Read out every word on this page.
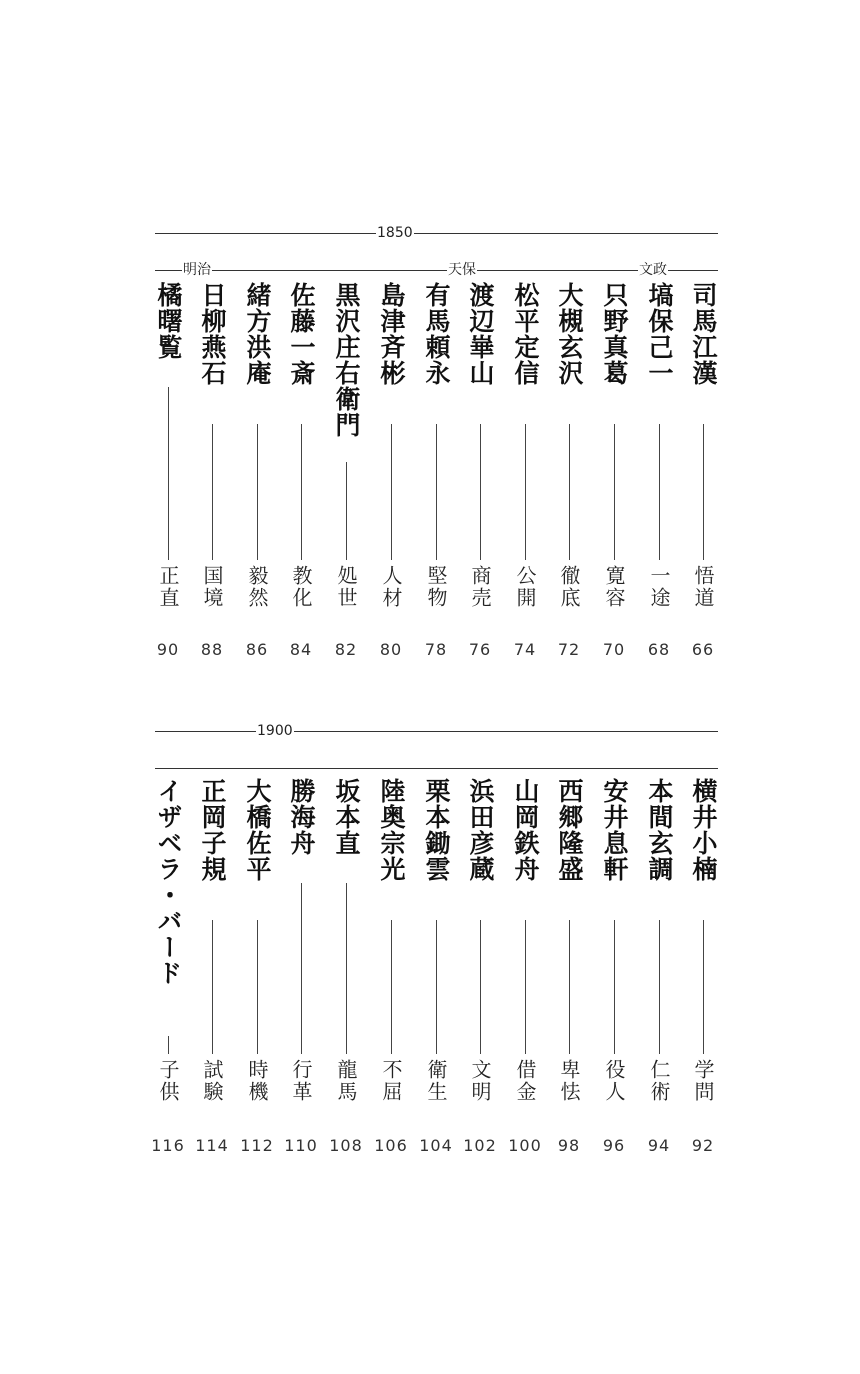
1850
文政
天保
明治
司馬江漢
悟道
66
塙保己一
一途
68
只野真葛
寛容
70
大槻玄沢
徹底
72
松平定信
公開
74
渡辺崋山
商売
76
有馬頼永
堅物
78
島津斉彬
人材
80
黒沢庄右衛門
処世
82
佐藤一斎
教化
84
緒方洪庵
毅然
86
日柳燕石
国境
88
橘曙覧
正直
90
1900
横井小楠
学問
92
本間玄調
仁術
94
安井息軒
役人
96
西郷隆盛
卑怯
98
山岡鉄舟
借金
100
浜田彦蔵
文明
102
栗本鋤雲
衛生
104
陸奥宗光
不屈
106
坂本直
龍馬
108
勝海舟
行革
110
大橋佐平
時機
112
正岡子規
試験
114
イザベラ・バード
子供
116
